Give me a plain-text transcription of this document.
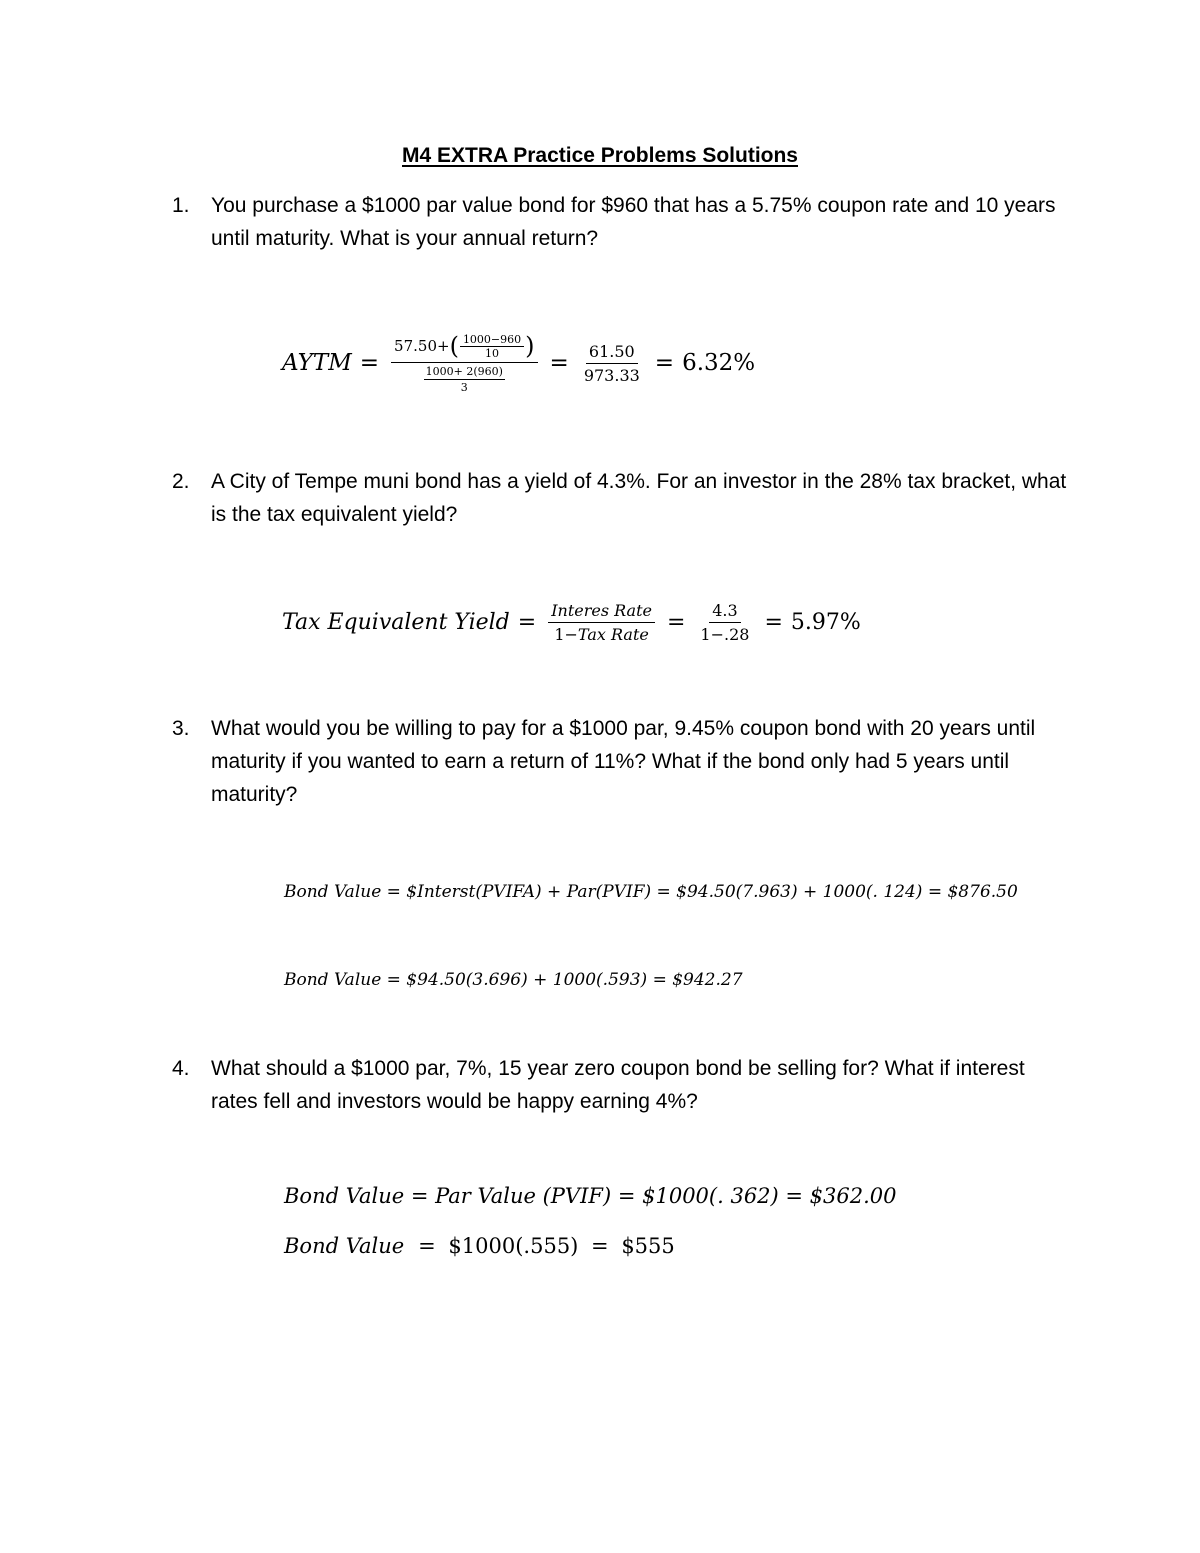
M4 EXTRA Practice Problems Solutions
1. You purchase a $1000 par value bond for $960 that has a 5.75% coupon rate and 10 years until maturity. What is your annual return?
AYTM =
57.50+ ( $\frac{1000-960}{10}$ )
$\frac{1000+ 2(960)}{3}$
= $\frac{61.50}{973.33} = 6.32\%$
2. A City of Tempe muni bond has a yield of 4.3%. For an investor in the 28% tax bracket, what is the tax equivalent yield?
Tax Equivalent Yield = $\frac{\text{Interes Rate}}{\text{1−Tax Rate}} = \frac{4.3}{1-.28} = 5.97\%$
3. What would you be willing to pay for a $1000 par, 9.45% coupon bond with 20 years until maturity if you wanted to earn a return of 11%? What if the bond only had 5 years until maturity?
Bond Value = $Interst(PVIFA) + Par(PVIF) = $94.50(7.963) + 1000(. 124) = $876.50
Bond Value = $94.50(3.696) + 1000(.593) = $942.27
4. What should a $1000 par, 7%, 15 year zero coupon bond be selling for? What if interest rates fell and investors would be happy earning 4%?
Bond Value = Par Value (PVIF) = $1000(. 362) = $362.00
Bond Value = $1000(.555) = $555
